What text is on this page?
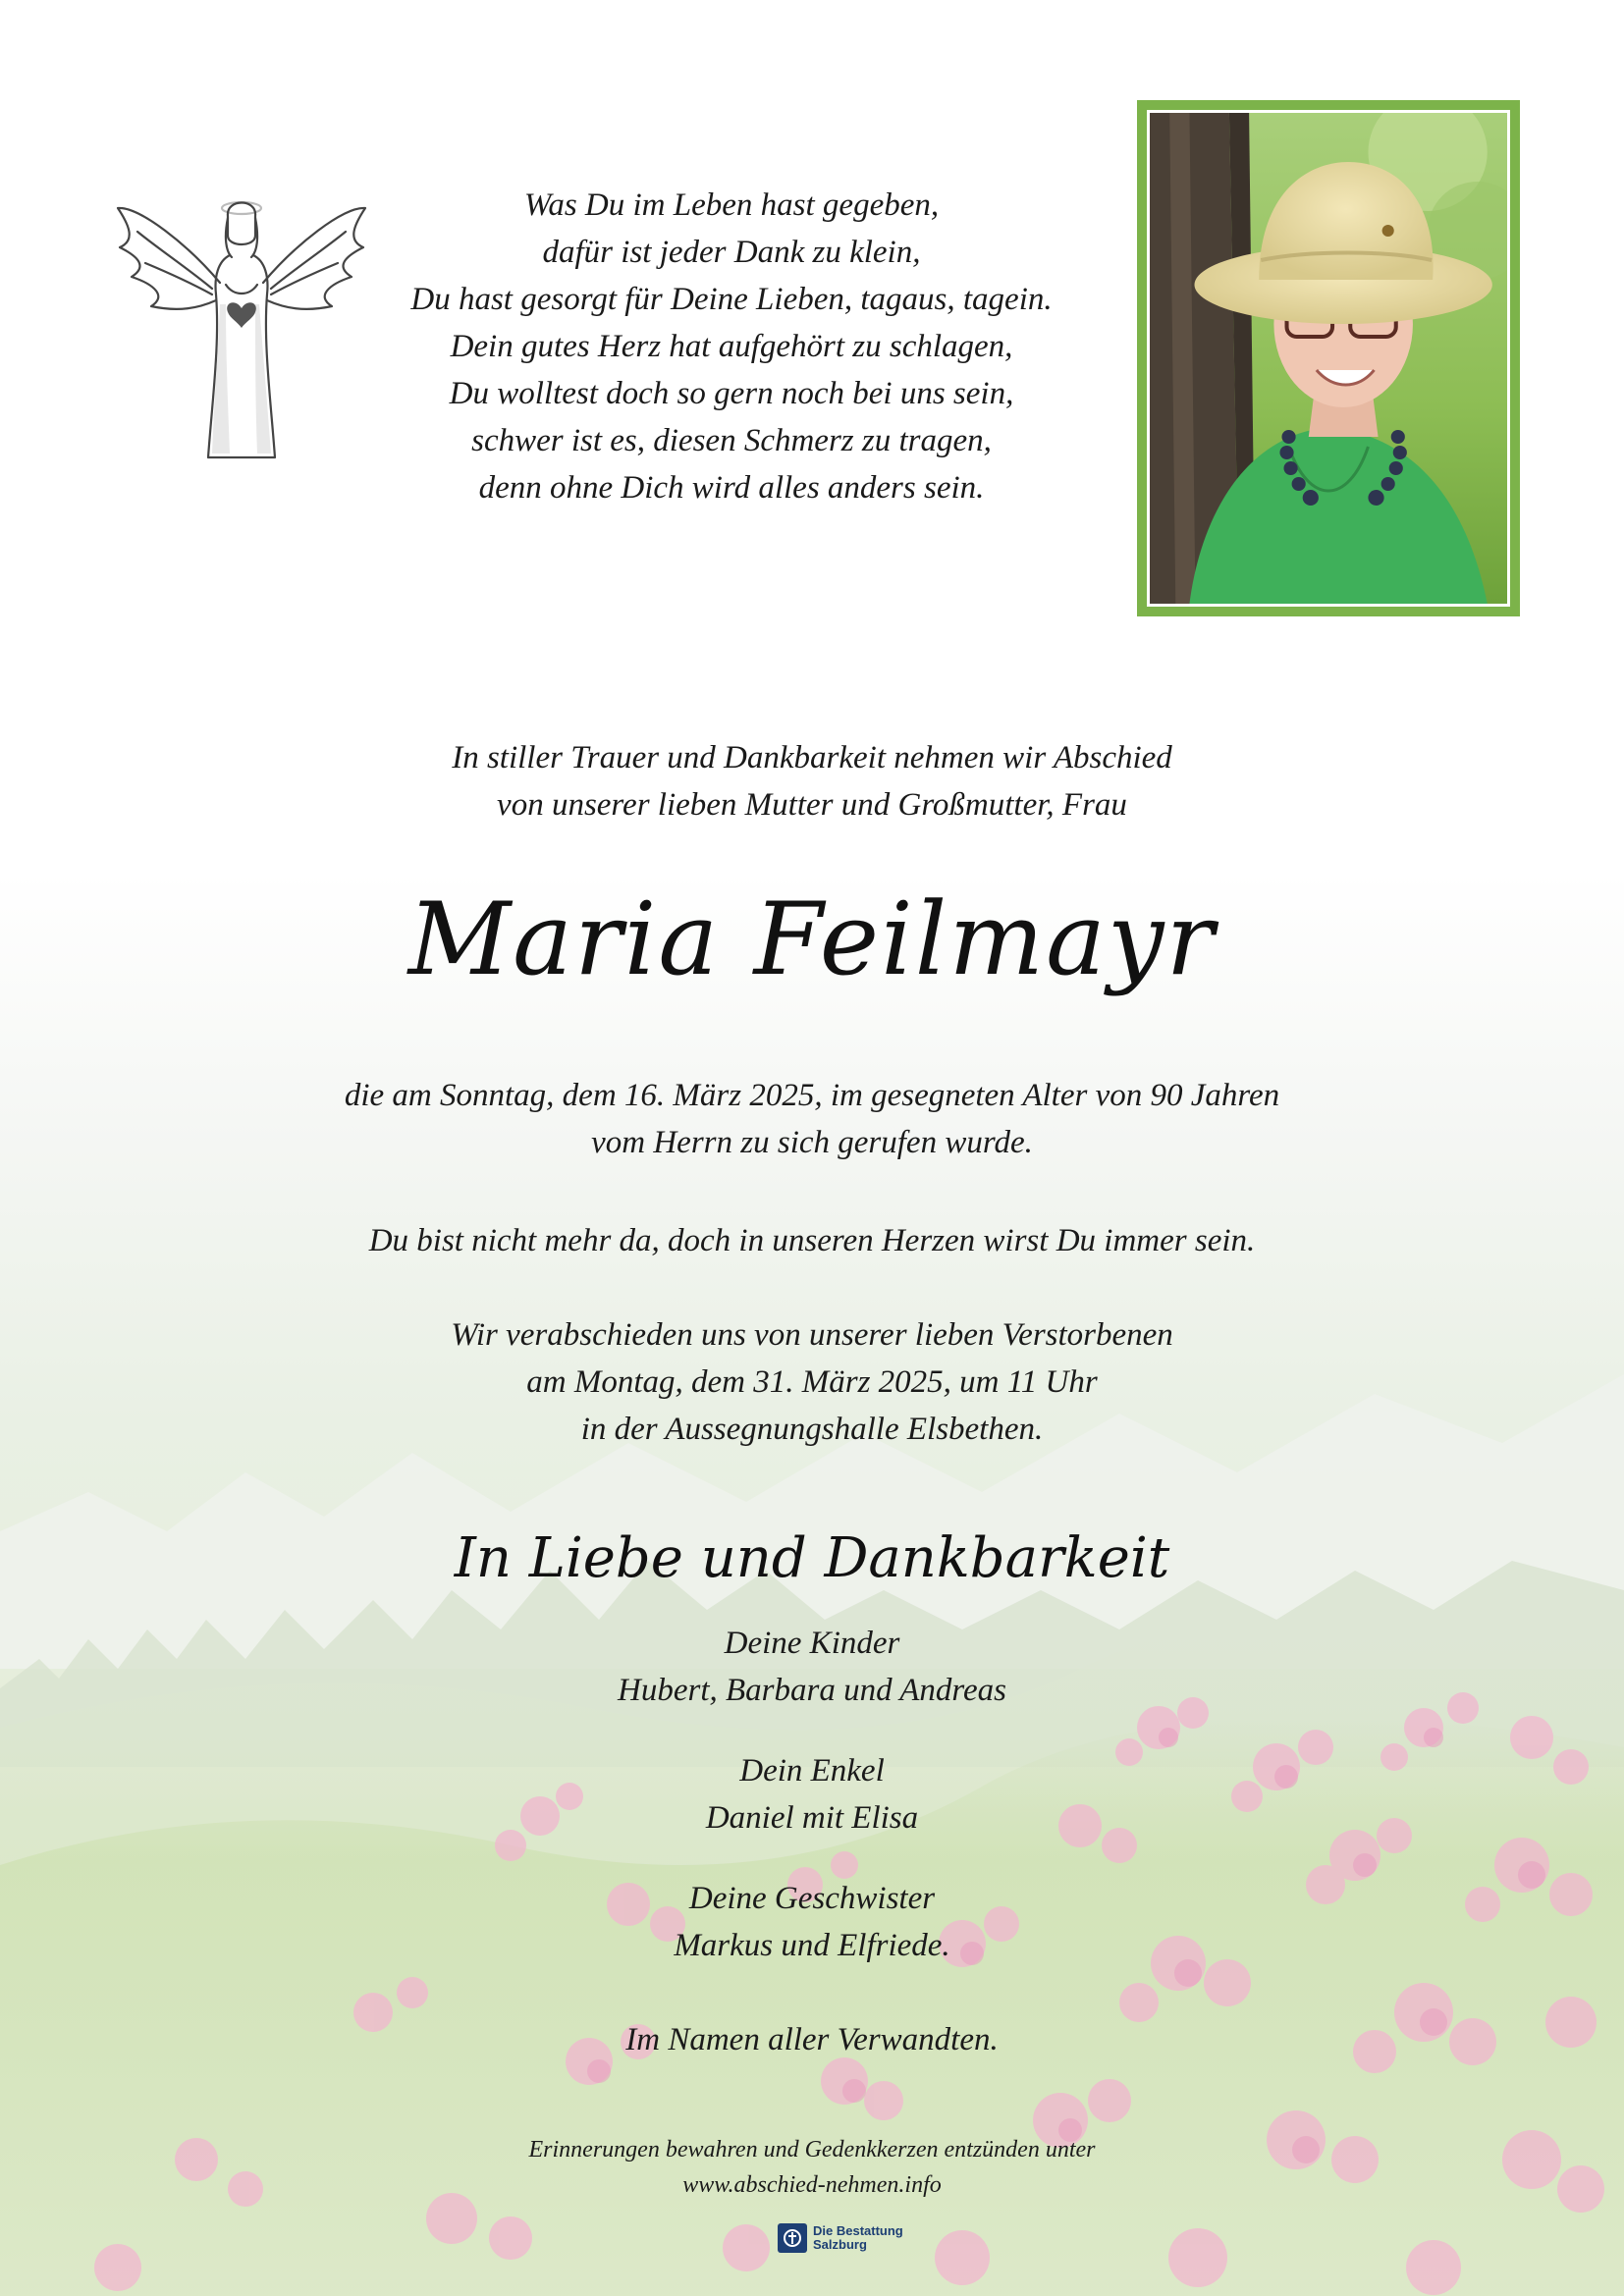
Was Du im Leben hast gegeben,
dafür ist jeder Dank zu klein,
Du hast gesorgt für Deine Lieben, tagaus, tagein.
Dein gutes Herz hat aufgehört zu schlagen,
Du wolltest doch so gern noch bei uns sein,
schwer ist es, diesen Schmerz zu tragen,
denn ohne Dich wird alles anders sein.
In stiller Trauer und Dankbarkeit nehmen wir Abschied
von unserer lieben Mutter und Großmutter, Frau
Maria Feilmayr
die am Sonntag, dem 16. März 2025, im gesegneten Alter von 90 Jahren
vom Herrn zu sich gerufen wurde.
Du bist nicht mehr da, doch in unseren Herzen wirst Du immer sein.
Wir verabschieden uns von unserer lieben Verstorbenen
am Montag, dem 31. März 2025, um 11 Uhr
in der Aussegnungshalle Elsbethen.
In Liebe und Dankbarkeit
Deine Kinder
Hubert, Barbara und Andreas
Dein Enkel
Daniel mit Elisa
Deine Geschwister
Markus und Elfriede.
Im Namen aller Verwandten.
Erinnerungen bewahren und Gedenkkerzen entzünden unter
www.abschied-nehmen.info
Die Bestattung
Salzburg
